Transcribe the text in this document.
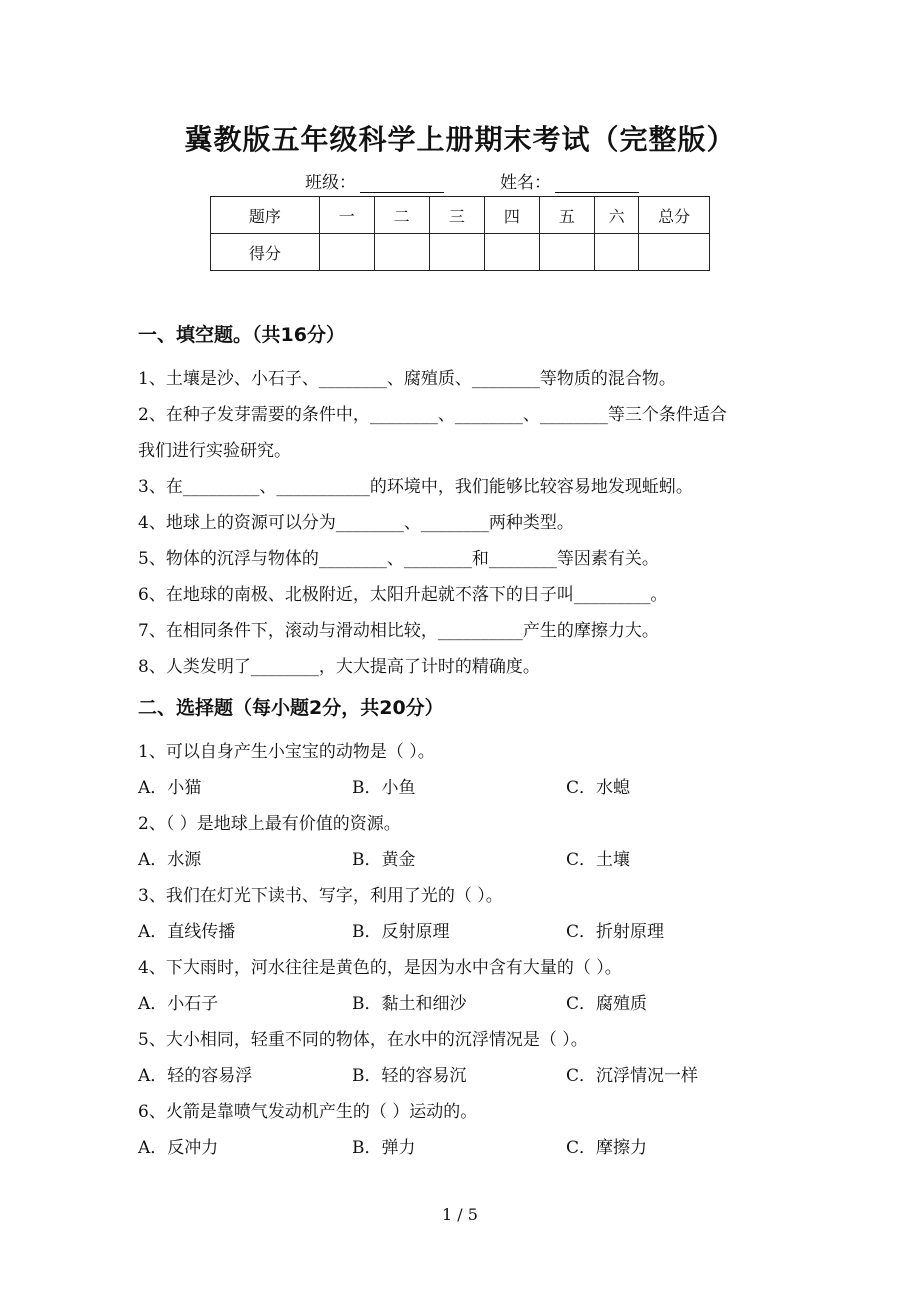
冀教版五年级科学上册期末考试（完整版）
班级：	姓名：
题序	一	二	三	四	五	六	总分
得分							
一、填空题。（共16分）
1、土壤是沙、小石子、________、腐殖质、________等物质的混合物。
2、在种子发芽需要的条件中，________、________、________等三个条件适合
我们进行实验研究。
3、在_________、___________的环境中，我们能够比较容易地发现蚯蚓。
4、地球上的资源可以分为________、________两种类型。
5、物体的沉浮与物体的________、________和________等因素有关。
6、在地球的南极、北极附近，太阳升起就不落下的日子叫_________。
7、在相同条件下，滚动与滑动相比较，__________产生的摩擦力大。
8、人类发明了________，大大提高了计时的精确度。
二、选择题（每小题2分，共20分）
1、可以自身产生小宝宝的动物是（ ）。
A．小猫	B．小鱼	C．水螅
2、（ ）是地球上最有价值的资源。
A．水源	B．黄金	C．土壤
3、我们在灯光下读书、写字，利用了光的（ ）。
A．直线传播	B．反射原理	C．折射原理
4、下大雨时，河水往往是黄色的，是因为水中含有大量的（ ）。
A．小石子	B．黏土和细沙	C．腐殖质
5、大小相同，轻重不同的物体，在水中的沉浮情况是（ ）。
A．轻的容易浮	B．轻的容易沉	C．沉浮情况一样
6、火箭是靠喷气发动机产生的（ ）运动的。
A．反冲力	B．弹力	C．摩擦力
1 / 5
